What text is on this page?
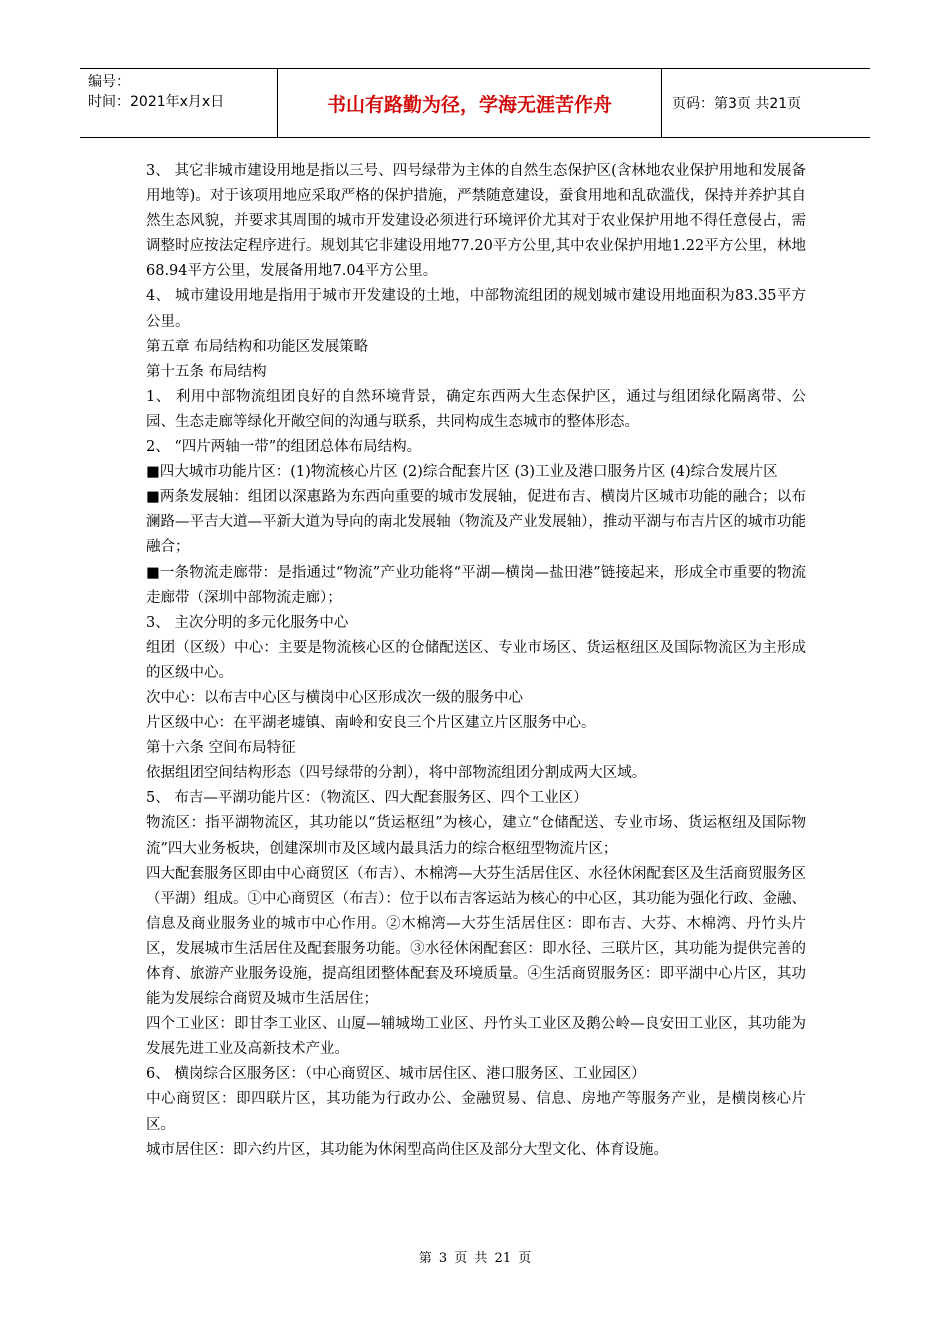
编号：
时间：2021年x月x日	书山有路勤为径，学海无涯苦作舟	页码：第3页 共21页

3、 其它非城市建设用地是指以三号、四号绿带为主体的自然生态保护区(含林地农业保护用地和发展备用地等)。对于该项用地应采取严格的保护措施，严禁随意建设，蚕食用地和乱砍滥伐，保持并养护其自然生态风貌，并要求其周围的城市开发建设必须进行环境评价尤其对于农业保护用地不得任意侵占，需调整时应按法定程序进行。规划其它非建设用地77.20平方公里,其中农业保护用地1.22平方公里，林地68.94平方公里，发展备用地7.04平方公里。

4、 城市建设用地是指用于城市开发建设的土地，中部物流组团的规划城市建设用地面积为83.35平方公里。

第五章 布局结构和功能区发展策略

第十五条 布局结构

1、 利用中部物流组团良好的自然环境背景，确定东西两大生态保护区，通过与组团绿化隔离带、公园、生态走廊等绿化开敞空间的沟通与联系，共同构成生态城市的整体形态。

2、 “四片两轴一带”的组团总体布局结构。

■四大城市功能片区：(1)物流核心片区 (2)综合配套片区 (3)工业及港口服务片区 (4)综合发展片区

■两条发展轴：组团以深惠路为东西向重要的城市发展轴，促进布吉、横岗片区城市功能的融合；以布澜路—平吉大道—平新大道为导向的南北发展轴（物流及产业发展轴），推动平湖与布吉片区的城市功能融合；

■一条物流走廊带：是指通过“物流”产业功能将“平湖—横岗—盐田港”链接起来，形成全市重要的物流走廊带（深圳中部物流走廊）；

3、 主次分明的多元化服务中心

组团（区级）中心：主要是物流核心区的仓储配送区、专业市场区、货运枢纽区及国际物流区为主形成的区级中心。

次中心：以布吉中心区与横岗中心区形成次一级的服务中心

片区级中心：在平湖老墟镇、南岭和安良三个片区建立片区服务中心。

第十六条 空间布局特征

依据组团空间结构形态（四号绿带的分割），将中部物流组团分割成两大区域。

5、 布吉—平湖功能片区：（物流区、四大配套服务区、四个工业区）

物流区：指平湖物流区，其功能以“货运枢纽”为核心，建立“仓储配送、专业市场、货运枢纽及国际物流”四大业务板块，创建深圳市及区域内最具活力的综合枢纽型物流片区；

四大配套服务区即由中心商贸区（布吉）、木棉湾—大芬生活居住区、水径休闲配套区及生活商贸服务区（平湖）组成。①中心商贸区（布吉）：位于以布吉客运站为核心的中心区，其功能为强化行政、金融、信息及商业服务业的城市中心作用。②木棉湾—大芬生活居住区：即布吉、大芬、木棉湾、丹竹头片区，发展城市生活居住及配套服务功能。③水径休闲配套区：即水径、三联片区，其功能为提供完善的体育、旅游产业服务设施，提高组团整体配套及环境质量。④生活商贸服务区：即平湖中心片区，其功能为发展综合商贸及城市生活居住；

四个工业区：即甘李工业区、山厦—辅城坳工业区、丹竹头工业区及鹅公岭—良安田工业区，其功能为发展先进工业及高新技术产业。

6、 横岗综合区服务区：（中心商贸区、城市居住区、港口服务区、工业园区）

中心商贸区：即四联片区，其功能为行政办公、金融贸易、信息、房地产等服务产业，是横岗核心片区。

城市居住区：即六约片区，其功能为休闲型高尚住区及部分大型文化、体育设施。

第 3 页 共 21 页
